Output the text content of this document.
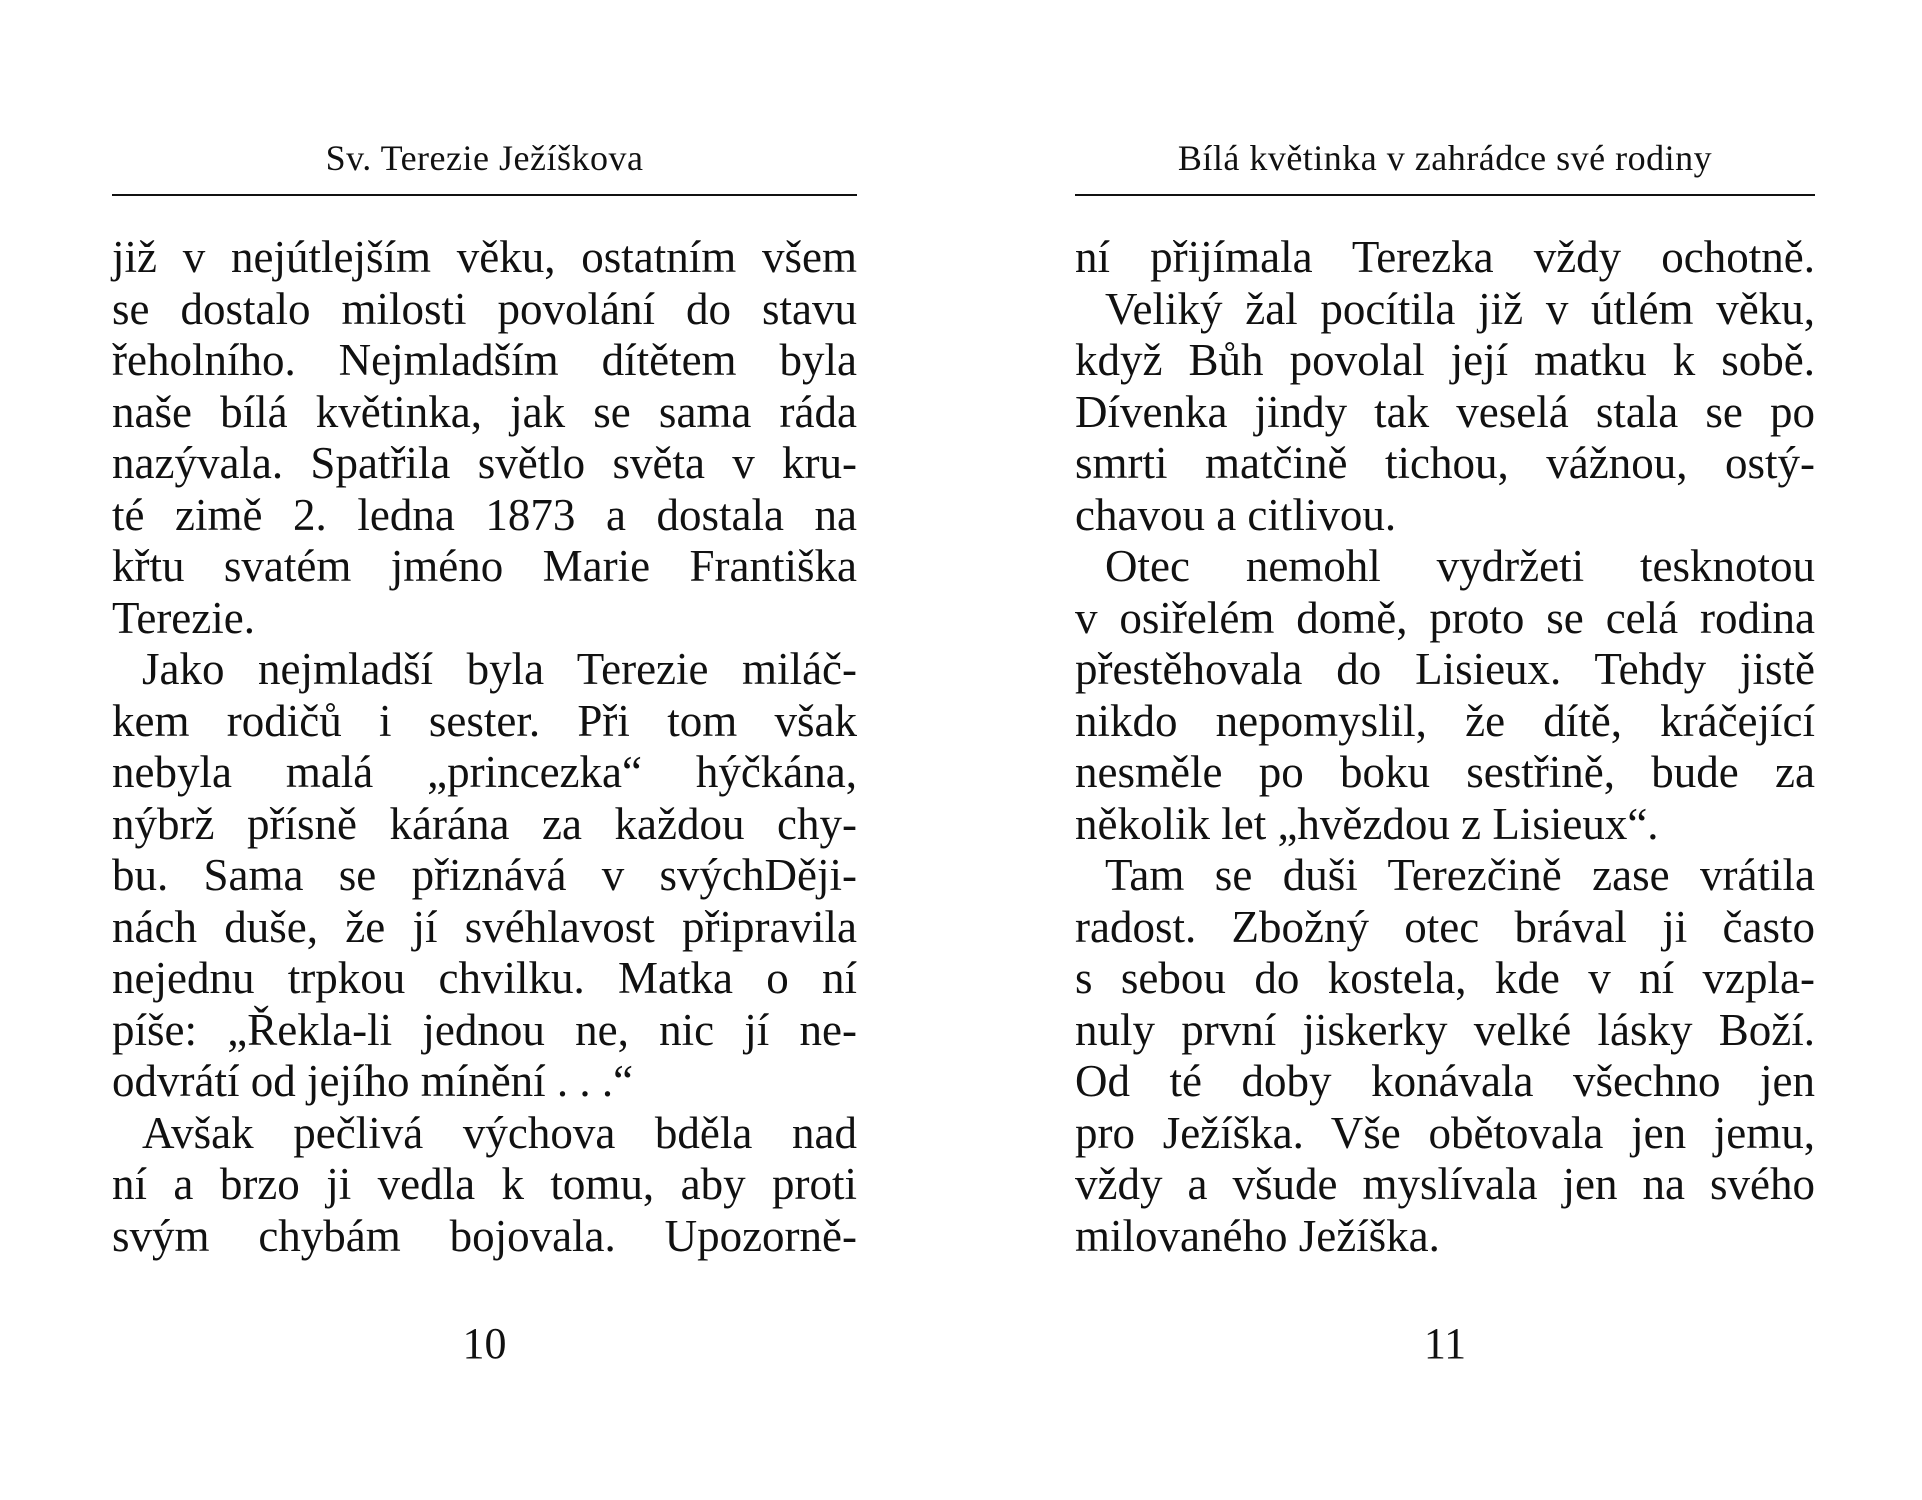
Sv. Terezie Ježíškova
již v nejútlejším věku, ostatním všem
se dostalo milosti povolání do stavu
řeholního. Nejmladším dítětem byla
naše bílá květinka, jak se sama ráda
nazývala. Spatřila světlo světa v kru-
té zimě 2. ledna 1873 a dostala na
křtu svatém jméno Marie Františka
Terezie.
Jako nejmladší byla Terezie miláč-
kem rodičů i sester. Při tom však
nebyla malá „princezka“ hýčkána,
nýbrž přísně kárána za každou chy-
bu. Sama se přiznává v svýchDěji-
nách duše, že jí svéhlavost připravila
nejednu trpkou chvilku. Matka o ní
píše: „Řekla-li jednou ne, nic jí ne-
odvrátí od jejího mínění . . .“
Avšak pečlivá výchova bděla nad
ní a brzo ji vedla k tomu, aby proti
svým chybám bojovala. Upozorně-
10
Bílá květinka v zahrádce své rodiny
ní přijímala Terezka vždy ochotně.
Veliký žal pocítila již v útlém věku,
když Bůh povolal její matku k sobě.
Dívenka jindy tak veselá stala se po
smrti matčině tichou, vážnou, ostý-
chavou a citlivou.
Otec nemohl vydržeti tesknotou
v osiřelém domě, proto se celá rodina
přestěhovala do Lisieux. Tehdy jistě
nikdo nepomyslil, že dítě, kráčející
nesměle po boku sestřině, bude za
několik let „hvězdou z Lisieux“.
Tam se duši Terezčině zase vrátila
radost. Zbožný otec brával ji často
s sebou do kostela, kde v ní vzpla-
nuly první jiskerky velké lásky Boží.
Od té doby konávala všechno jen
pro Ježíška. Vše obětovala jen jemu,
vždy a všude myslívala jen na svého
milovaného Ježíška.
11
